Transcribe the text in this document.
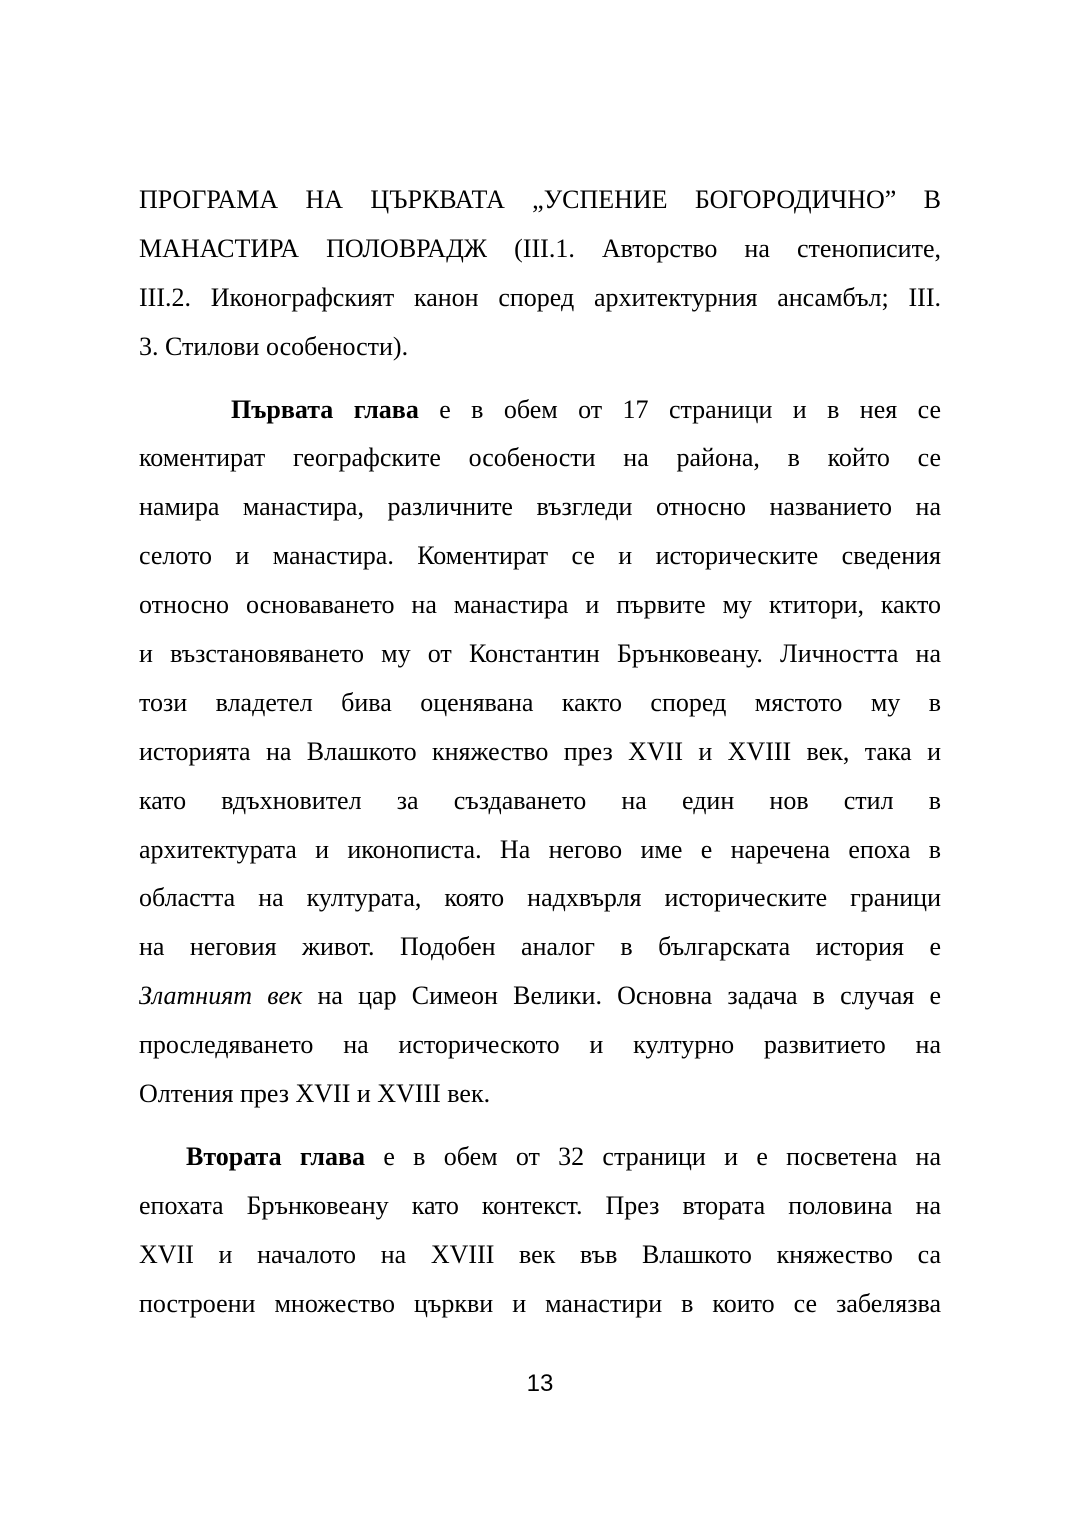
ПРОГРАМА НА ЦЪРКВАТА „УСПЕНИЕ БОГОРОДИЧНО” В
МАНАСТИРА ПОЛОВРАДЖ (III.1. Авторство на стенописите,
III.2. Иконографският канон според архитектурния ансамбъл; III.
3. Стилови особености).
Първата глава е в обем от 17 страници и в нея се
коментират географските особености на района, в който се
намира манастира, различните възгледи относно названието на
селото и манастира. Коментират се и историческите сведения
относно основаването на манастира и първите му ктитори, както
и възстановяването му от Константин Брънковеану. Личността на
този владетел бива оценявана както според мястото му в
историята на Влашкото княжество през XVII и XVIII век, така и
като вдъхновител за създаването на един нов стил в
архитектурата и иконописта. На негово име е наречена епоха в
областта на културата, която надхвърля историческите граници
на неговия живот. Подобен аналог в българската история е
Златният век на цар Симеон Велики. Основна задача в случая е
проследяването на историческото и културно развитието на
Олтения през XVII и XVIII век.
Втората глава е в обем от 32 страници и е посветена на
епохата Брънковеану като контекст. През втората половина на
XVII и началото на XVIII век във Влашкото княжество са
построени множество църкви и манастири в които се забелязва
13
